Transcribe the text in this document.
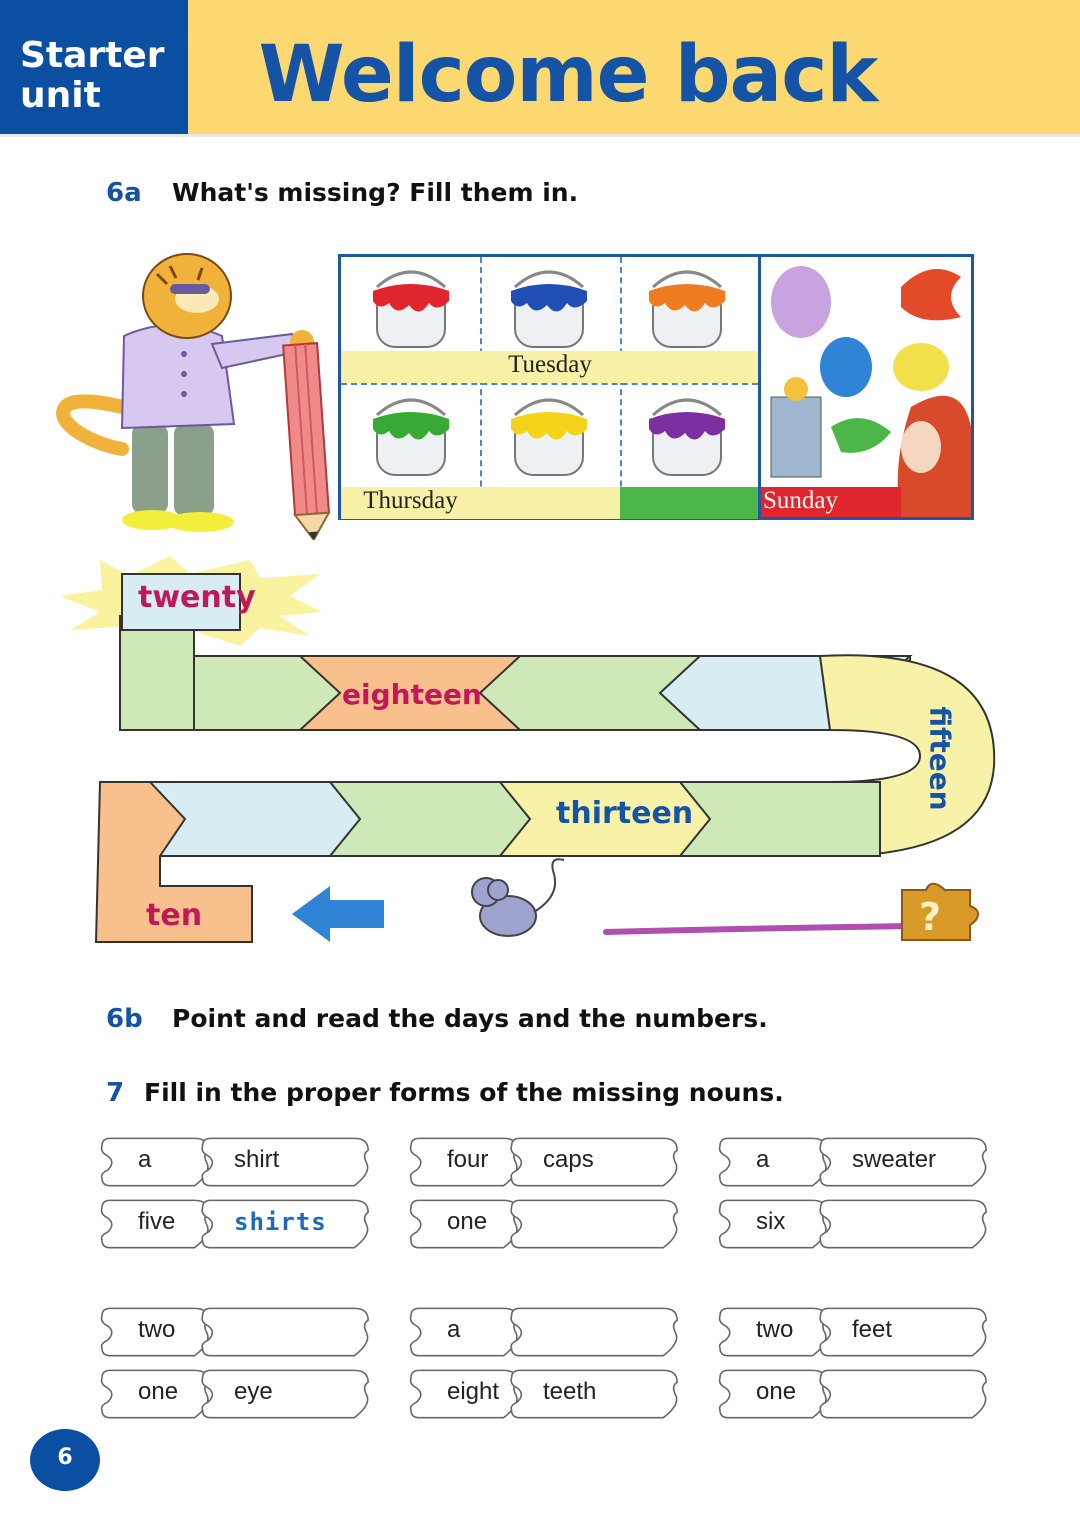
Starter
unit	Welcome back
6a What's missing? Fill them in.
Tuesday
Thursday	Sunday
?
twenty
eighteen
fifteen
thirteen
ten
6b Point and read the days and the numbers.
7 Fill in the proper forms of the missing nouns.
a	shirt
five shirts
four caps
one
a	sweater
six
two
one eye
a
eight teeth
two feet
one
6
